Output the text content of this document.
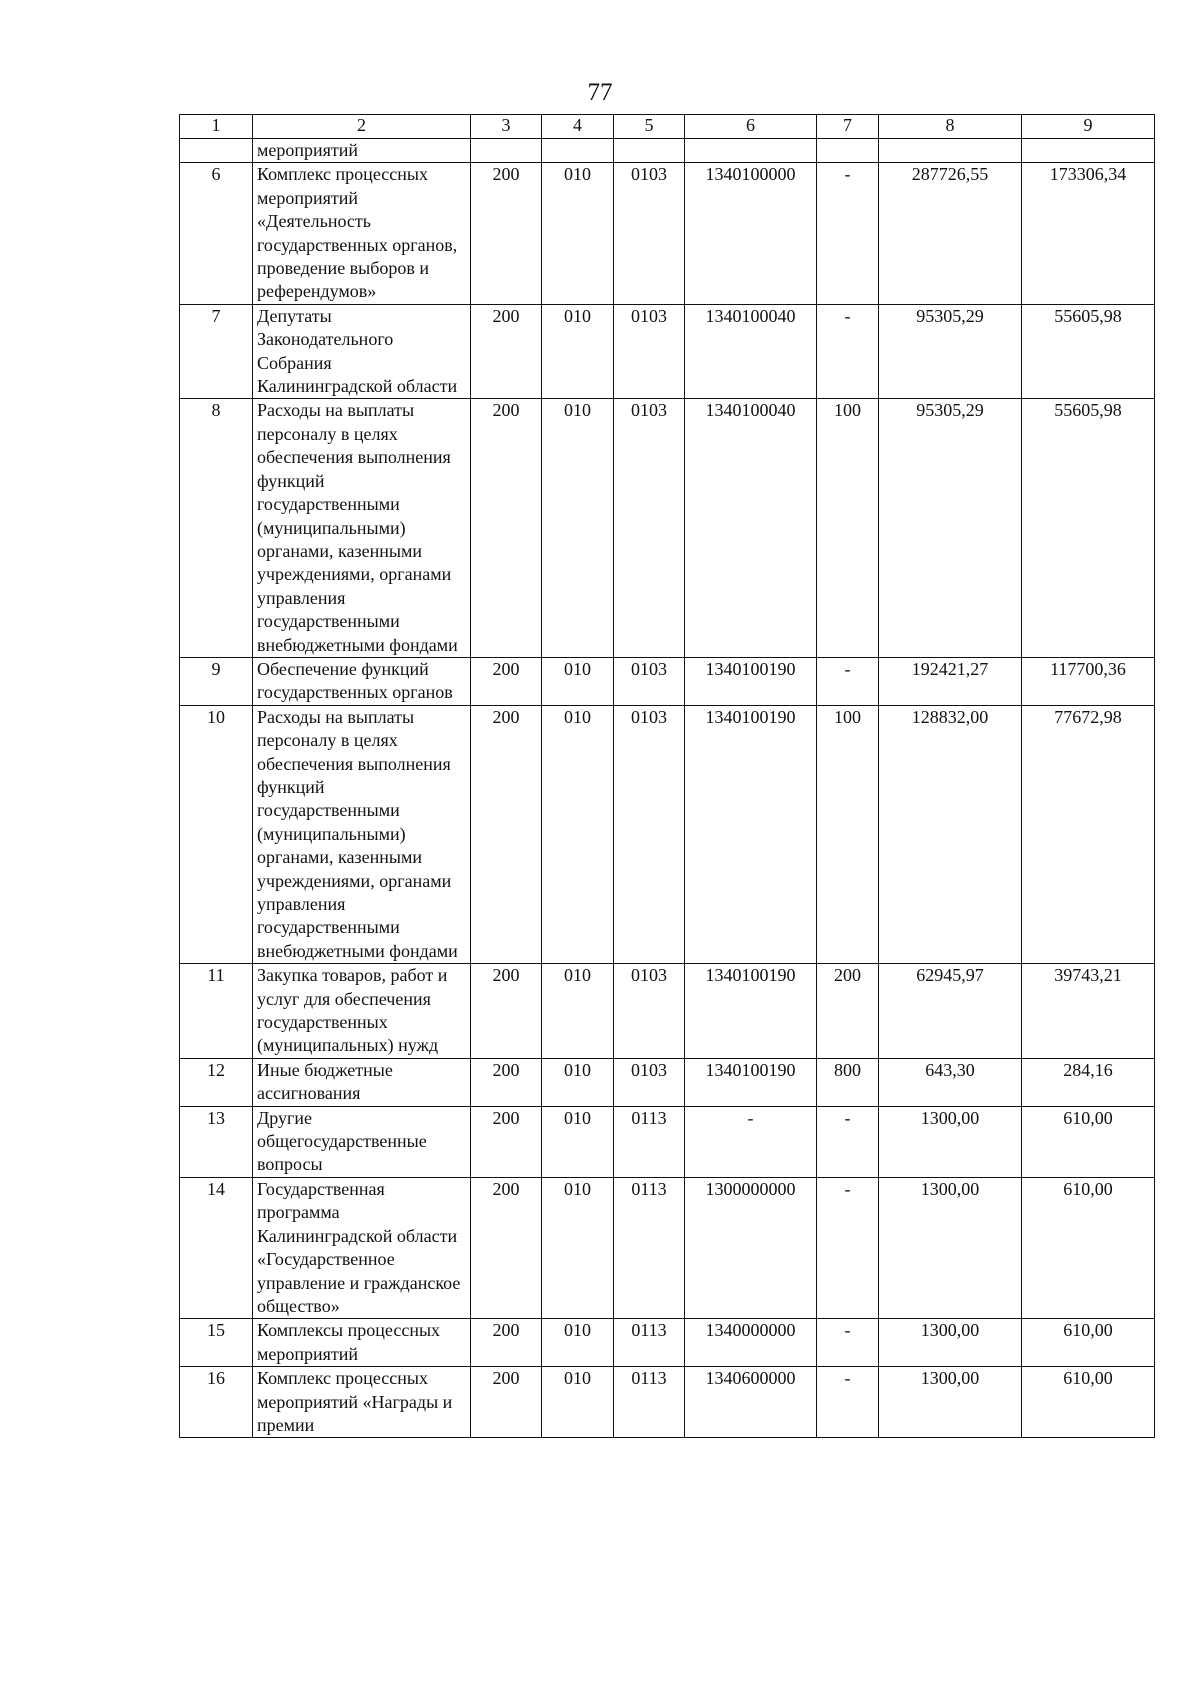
77
1	2	3	4	5	6	7	8	9
	мероприятий							
6	Комплекс процессных мероприятий «Деятельность государственных органов, проведение выборов и референдумов»	200	010	0103	1340100000	-	287726,55	173306,34
7	Депутаты Законодательного Собрания Калининградской области	200	010	0103	1340100040	-	95305,29	55605,98
8	Расходы на выплаты персоналу в целях обеспечения выполнения функций государственными (муниципальными) органами, казенными учреждениями, органами управления государственными внебюджетными фондами	200	010	0103	1340100040	100	95305,29	55605,98
9	Обеспечение функций государственных органов	200	010	0103	1340100190	-	192421,27	117700,36
10	Расходы на выплаты персоналу в целях обеспечения выполнения функций государственными (муниципальными) органами, казенными учреждениями, органами управления государственными внебюджетными фондами	200	010	0103	1340100190	100	128832,00	77672,98
11	Закупка товаров, работ и услуг для обеспечения государственных (муниципальных) нужд	200	010	0103	1340100190	200	62945,97	39743,21
12	Иные бюджетные ассигнования	200	010	0103	1340100190	800	643,30	284,16
13	Другие общегосударственные вопросы	200	010	0113	-	-	1300,00	610,00
14	Государственная программа Калининградской области «Государственное управление и гражданское общество»	200	010	0113	1300000000	-	1300,00	610,00
15	Комплексы процессных мероприятий	200	010	0113	1340000000	-	1300,00	610,00
16	Комплекс процессных мероприятий «Награды и премии	200	010	0113	1340600000	-	1300,00	610,00
